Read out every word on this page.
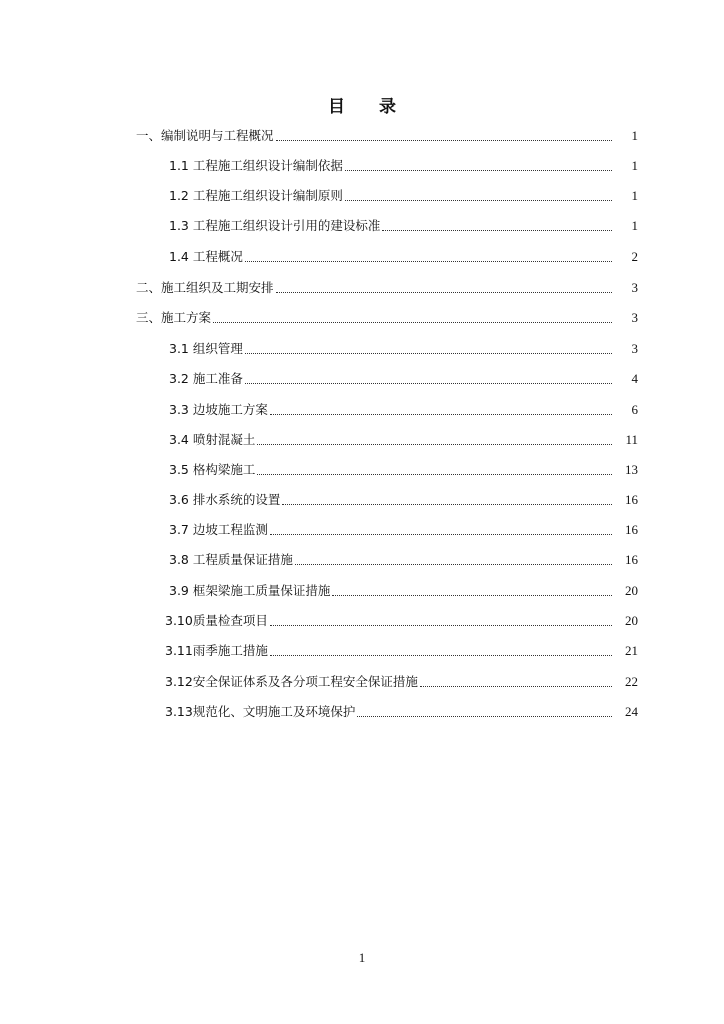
目 录
一、编制说明与工程概况	1
1.1 工程施工组织设计编制依据	1
1.2 工程施工组织设计编制原则	1
1.3 工程施工组织设计引用的建设标准	1
1.4 工程概况	2
二、施工组织及工期安排	3
三、施工方案	3
3.1 组织管理	3
3.2 施工准备	4
3.3 边坡施工方案	6
3.4 喷射混凝土	11
3.5 格构梁施工	13
3.6 排水系统的设置	16
3.7 边坡工程监测	16
3.8 工程质量保证措施	16
3.9 框架梁施工质量保证措施	20
3.10质量检查项目	20
3.11雨季施工措施	21
3.12安全保证体系及各分项工程安全保证措施	22
3.13规范化、文明施工及环境保护	24
1
